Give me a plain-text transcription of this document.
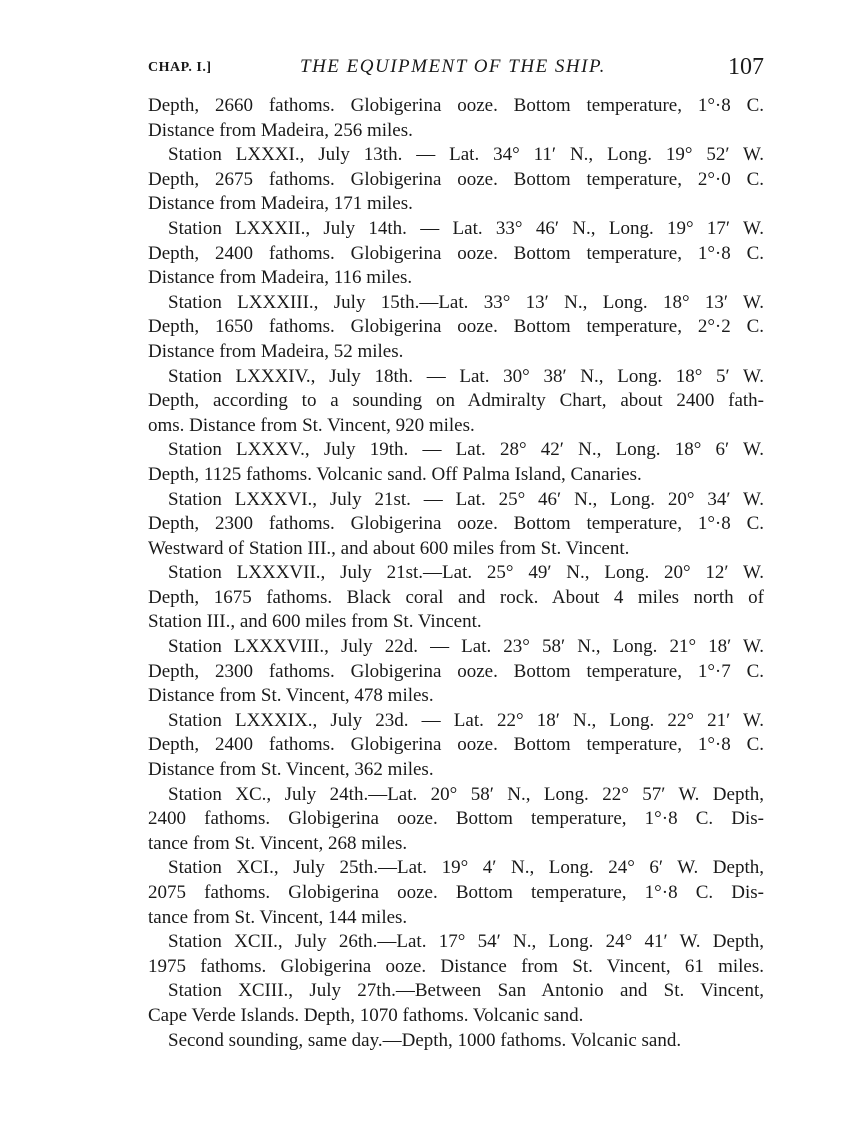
CHAP. I.]	THE EQUIPMENT OF THE SHIP.	107
Depth, 2660 fathoms. Globigerina ooze. Bottom temperature, 1°·8 C.
Distance from Madeira, 256 miles.
Station LXXXI., July 13th. — Lat. 34° 11′ N., Long. 19° 52′ W.
Depth, 2675 fathoms. Globigerina ooze. Bottom temperature, 2°·0 C.
Distance from Madeira, 171 miles.
Station LXXXII., July 14th. — Lat. 33° 46′ N., Long. 19° 17′ W.
Depth, 2400 fathoms. Globigerina ooze. Bottom temperature, 1°·8 C.
Distance from Madeira, 116 miles.
Station LXXXIII., July 15th.—Lat. 33° 13′ N., Long. 18° 13′ W.
Depth, 1650 fathoms. Globigerina ooze. Bottom temperature, 2°·2 C.
Distance from Madeira, 52 miles.
Station LXXXIV., July 18th. — Lat. 30° 38′ N., Long. 18° 5′ W.
Depth, according to a sounding on Admiralty Chart, about 2400 fath-
oms. Distance from St. Vincent, 920 miles.
Station LXXXV., July 19th. — Lat. 28° 42′ N., Long. 18° 6′ W.
Depth, 1125 fathoms. Volcanic sand. Off Palma Island, Canaries.
Station LXXXVI., July 21st. — Lat. 25° 46′ N., Long. 20° 34′ W.
Depth, 2300 fathoms. Globigerina ooze. Bottom temperature, 1°·8 C.
Westward of Station III., and about 600 miles from St. Vincent.
Station LXXXVII., July 21st.—Lat. 25° 49′ N., Long. 20° 12′ W.
Depth, 1675 fathoms. Black coral and rock. About 4 miles north of
Station III., and 600 miles from St. Vincent.
Station LXXXVIII., July 22d. — Lat. 23° 58′ N., Long. 21° 18′ W.
Depth, 2300 fathoms. Globigerina ooze. Bottom temperature, 1°·7 C.
Distance from St. Vincent, 478 miles.
Station LXXXIX., July 23d. — Lat. 22° 18′ N., Long. 22° 21′ W.
Depth, 2400 fathoms. Globigerina ooze. Bottom temperature, 1°·8 C.
Distance from St. Vincent, 362 miles.
Station XC., July 24th.—Lat. 20° 58′ N., Long. 22° 57′ W. Depth,
2400 fathoms. Globigerina ooze. Bottom temperature, 1°·8 C. Dis-
tance from St. Vincent, 268 miles.
Station XCI., July 25th.—Lat. 19° 4′ N., Long. 24° 6′ W. Depth,
2075 fathoms. Globigerina ooze. Bottom temperature, 1°·8 C. Dis-
tance from St. Vincent, 144 miles.
Station XCII., July 26th.—Lat. 17° 54′ N., Long. 24° 41′ W. Depth,
1975 fathoms. Globigerina ooze. Distance from St. Vincent, 61 miles.
Station XCIII., July 27th.—Between San Antonio and St. Vincent,
Cape Verde Islands. Depth, 1070 fathoms. Volcanic sand.
Second sounding, same day.—Depth, 1000 fathoms. Volcanic sand.
